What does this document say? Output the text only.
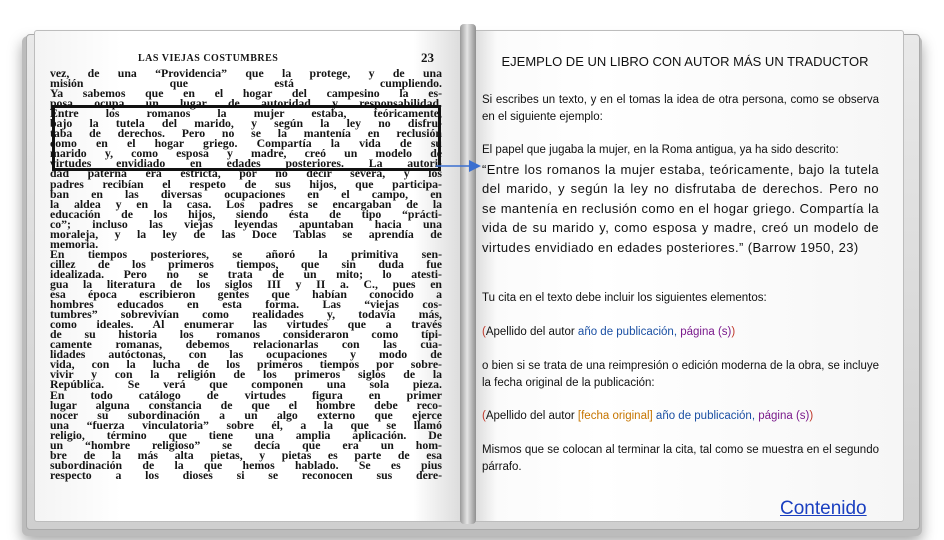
LAS VIEJAS COSTUMBRES	23
vez, de una “Providencia” que la protege, y de una
misión que está cumpliendo.
Ya sabemos que en el hogar del campesino la es-
posa ocupa un lugar de autoridad y responsabilidad.
Entre los romanos la mujer estaba, teóricamente,
bajo la tutela del marido, y según la ley no disfru-
taba de derechos. Pero no se la mantenía en reclusión
como en el hogar griego. Compartía la vida de su
marido y, como esposa y madre, creó un modelo de
virtudes envidiado en edades posteriores. La autori-
dad paterna era estricta, por no decir severa, y los
padres recibían el respeto de sus hijos, que participa-
ban en las diversas ocupaciones en el campo, en
la aldea y en la casa. Los padres se encargaban de la
educación de los hijos, siendo ésta de tipo “prácti-
co”; incluso las viejas leyendas apuntaban hacia una
moraleja, y la ley de las Doce Tablas se aprendía de
memoria.
En tiempos posteriores, se añoró la primitiva sen-
cillez de los primeros tiempos, que sin duda fue
idealizada. Pero no se trata de un mito; lo atesti-
gua la literatura de los siglos III y II a. C., pues en
esa época escribieron gentes que habían conocido a
hombres educados en esta forma. Las “viejas cos-
tumbres” sobrevivían como realidades y, todavía más,
como ideales. Al enumerar las virtudes que a través
de su historia los romanos consideraron como típi-
camente romanas, debemos relacionarlas con las cua-
lidades autóctonas, con las ocupaciones y modo de
vida, con la lucha de los primeros tiempos por sobre-
vivir y con la religión de los primeros siglos de la
República. Se verá que componen una sola pieza.
En todo catálogo de virtudes figura en primer
lugar alguna constancia de que el hombre debe reco-
nocer su subordinación a un algo externo que ejerce
una “fuerza vinculatoria” sobre él, a la que se llamó
religio, término que tiene una amplia aplicación. De
un “hombre religioso” se decía que era un hom-
bre de la más alta pietas, y pietas es parte de esa
subordinación de la que hemos hablado. Se es pius
respecto a los dioses si se reconocen sus dere-
EJEMPLO DE UN LIBRO CON AUTOR MÁS UN TRADUCTOR
Si escribes un texto, y en el tomas la idea de otra persona, como se observa en el siguiente ejemplo:
El papel que jugaba la mujer, en la Roma antigua, ya ha sido descrito:
“Entre los romanos la mujer estaba, teóricamente, bajo la tutela del marido, y según la ley no disfrutaba de derechos. Pero no se mantenía en reclusión como en el hogar griego. Compartía la vida de su marido y, como esposa y madre, creó un modelo de virtudes envidiado en edades posteriores.” (Barrow 1950, 23)
Tu cita en el texto debe incluir los siguientes elementos:
(Apellido del autor año de publicación, página (s))
o bien si se trata de una reimpresión o edición moderna de la obra, se incluye la fecha original de la publicación:
(Apellido del autor [fecha original] año de publicación, página (s))
Mismos que se colocan al terminar la cita, tal como se muestra en el segundo párrafo.
Contenido
